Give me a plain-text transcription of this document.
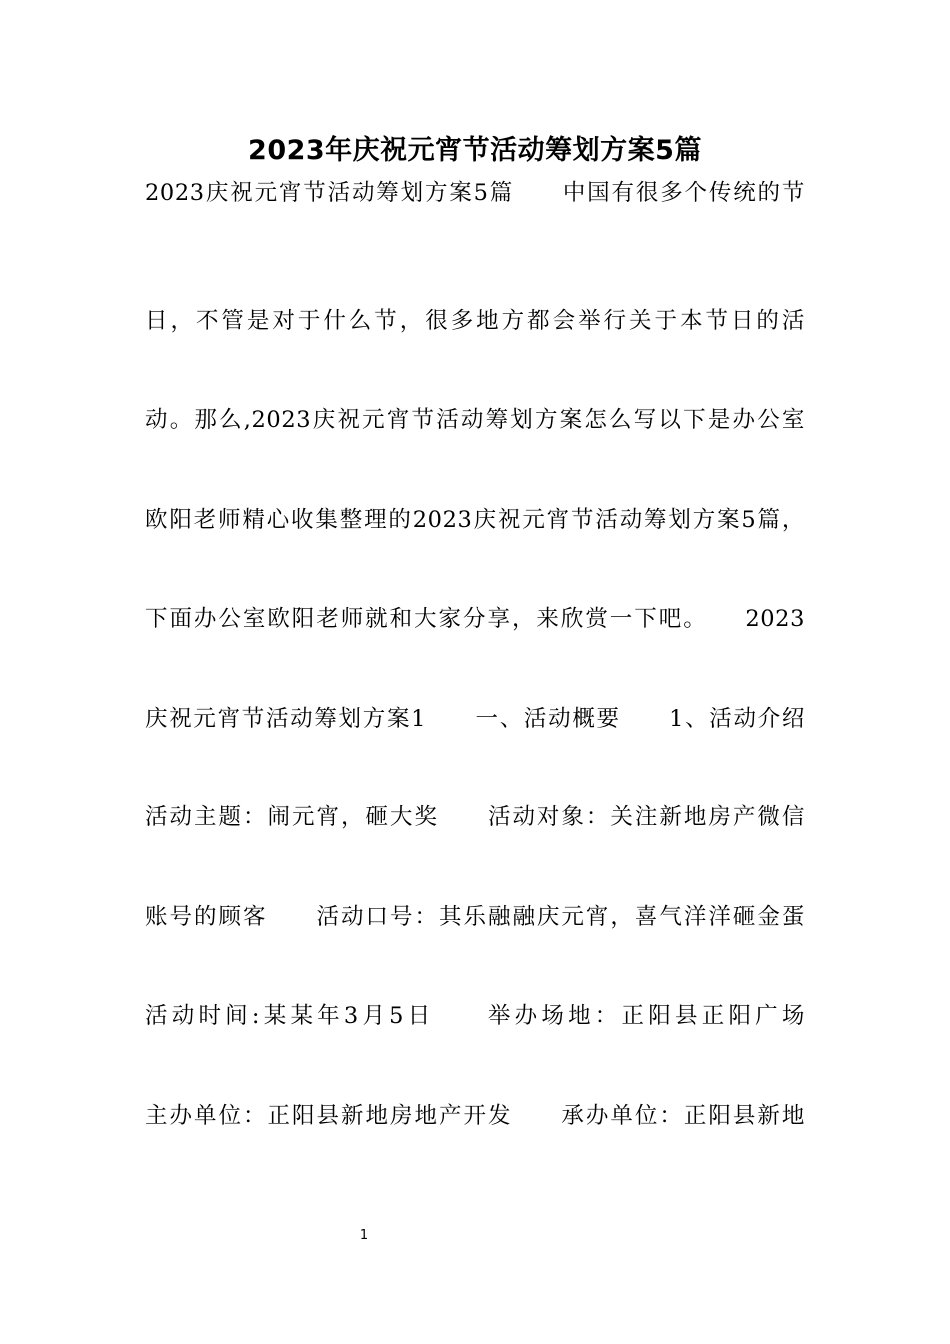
2023年庆祝元宵节活动筹划方案5篇
2023庆祝元宵节活动筹划方案5篇　　中国有很多个传统的节
日，不管是对于什么节，很多地方都会举行关于本节日的活
动。那么,2023庆祝元宵节活动筹划方案怎么写以下是办公室
欧阳老师精心收集整理的2023庆祝元宵节活动筹划方案5篇，
下面办公室欧阳老师就和大家分享，来欣赏一下吧。　　2023
庆祝元宵节活动筹划方案1　　一、活动概要　　1、活动介绍
活动主题：闹元宵，砸大奖　　活动对象：关注新地房产微信
账号的顾客　　活动口号：其乐融融庆元宵，喜气洋洋砸金蛋
活动时间:某某年3月5日　　举办场地：正阳县正阳广场
主办单位：正阳县新地房地产开发　　承办单位：正阳县新地
1
